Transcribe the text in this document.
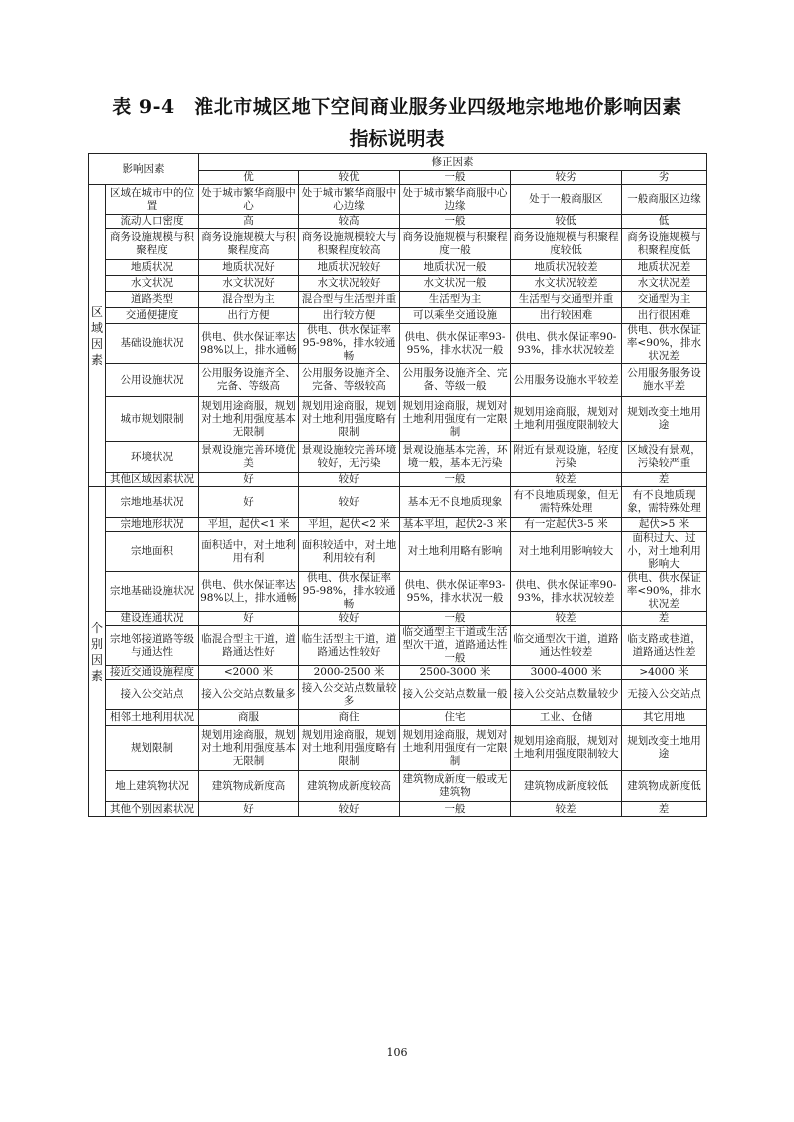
表 9-4　淮北市城区地下空间商业服务业四级地宗地地价影响因素
指标说明表
影响因素		修正因素				
		优	较优	一般	较劣	劣

区
域
因
素	区域在城市中的位置	处于城市繁华商服中心	处于城市繁华商服中心边缘	处于城市繁华商服中心边缘	处于一般商服区	一般商服区边缘
	流动人口密度	高	较高	一般	较低	低
	商务设施规模与积聚程度	商务设施规模大与积聚程度高	商务设施规模较大与积聚程度较高	商务设施规模与积聚程度一般	商务设施规模与积聚程度较低	商务设施规模与积聚程度低
	地质状况	地质状况好	地质状况较好	地质状况一般	地质状况较差	地质状况差
	水文状况	水文状况好	水文状况较好	水文状况一般	水文状况较差	水文状况差
	道路类型	混合型为主	混合型与生活型并重	生活型为主	生活型与交通型并重	交通型为主
	交通便捷度	出行方便	出行较方便	可以乘坐交通设施	出行较困难	出行很困难
	基础设施状况	供电、供水保证率达98%以上，排水通畅	供电、供水保证率95-98%，排水较通畅	供电、供水保证率93-95%，排水状况一般	供电、供水保证率90-93%，排水状况较差	供电、供水保证率<90%，排水状况差
	公用设施状况	公用服务设施齐全、完备、等级高	公用服务设施齐全、完备、等级较高	公用服务设施齐全、完备、等级一般	公用服务设施水平较差	公用服务服务设施水平差
	城市规划限制	规划用途商服，规划对土地利用强度基本无限制	规划用途商服，规划对土地利用强度略有限制	规划用途商服，规划对土地利用强度有一定限制	规划用途商服，规划对土地利用强度限制较大	规划改变土地用途
	环境状况	景观设施完善环境优美	景观设施较完善环境较好，无污染	景观设施基本完善，环境一般，基本无污染	附近有景观设施，轻度污染	区域没有景观，污染较严重
	其他区域因素状况	好	较好	一般	较差	差

个
别
因
素	宗地地基状况	好	较好	基本无不良地质现象	有不良地质现象，但无需特殊处理	有不良地质现象，需特殊处理
	宗地地形状况	平坦，起伏<1 米	平坦，起伏<2 米	基本平坦，起伏2-3 米	有一定起伏3-5 米	起伏>5 米
	宗地面积	面积适中，对土地利用有利	面积较适中，对土地利用较有利	对土地利用略有影响	对土地利用影响较大	面积过大、过小，对土地利用影响大
	宗地基础设施状况	供电、供水保证率达98%以上，排水通畅	供电、供水保证率95-98%，排水较通畅	供电、供水保证率93-95%，排水状况一般	供电、供水保证率90-93%，排水状况较差	供电、供水保证率<90%，排水状况差
	建设连通状况	好	较好	一般	较差	差
	宗地邻接道路等级与通达性	临混合型主干道，道路通达性好	临生活型主干道，道路通达性较好	临交通型主干道或生活型次干道，道路通达性一般	临交通型次干道，道路通达性较差	临支路或巷道，道路通达性差
	接近交通设施程度	<2000 米	2000-2500 米	2500-3000 米	3000-4000 米	>4000 米
	接入公交站点	接入公交站点数量多	接入公交站点数量较多	接入公交站点数量一般	接入公交站点数量较少	无接入公交站点
	相邻土地利用状况	商服	商住	住宅	工业、仓储	其它用地
	规划限制	规划用途商服，规划对土地利用强度基本无限制	规划用途商服，规划对土地利用强度略有限制	规划用途商服，规划对土地利用强度有一定限制	规划用途商服，规划对土地利用强度限制较大	规划改变土地用途
	地上建筑物状况	建筑物成新度高	建筑物成新度较高	建筑物成新度一般或无建筑物	建筑物成新度较低	建筑物成新度低
	其他个别因素状况	好	较好	一般	较差	差
106
